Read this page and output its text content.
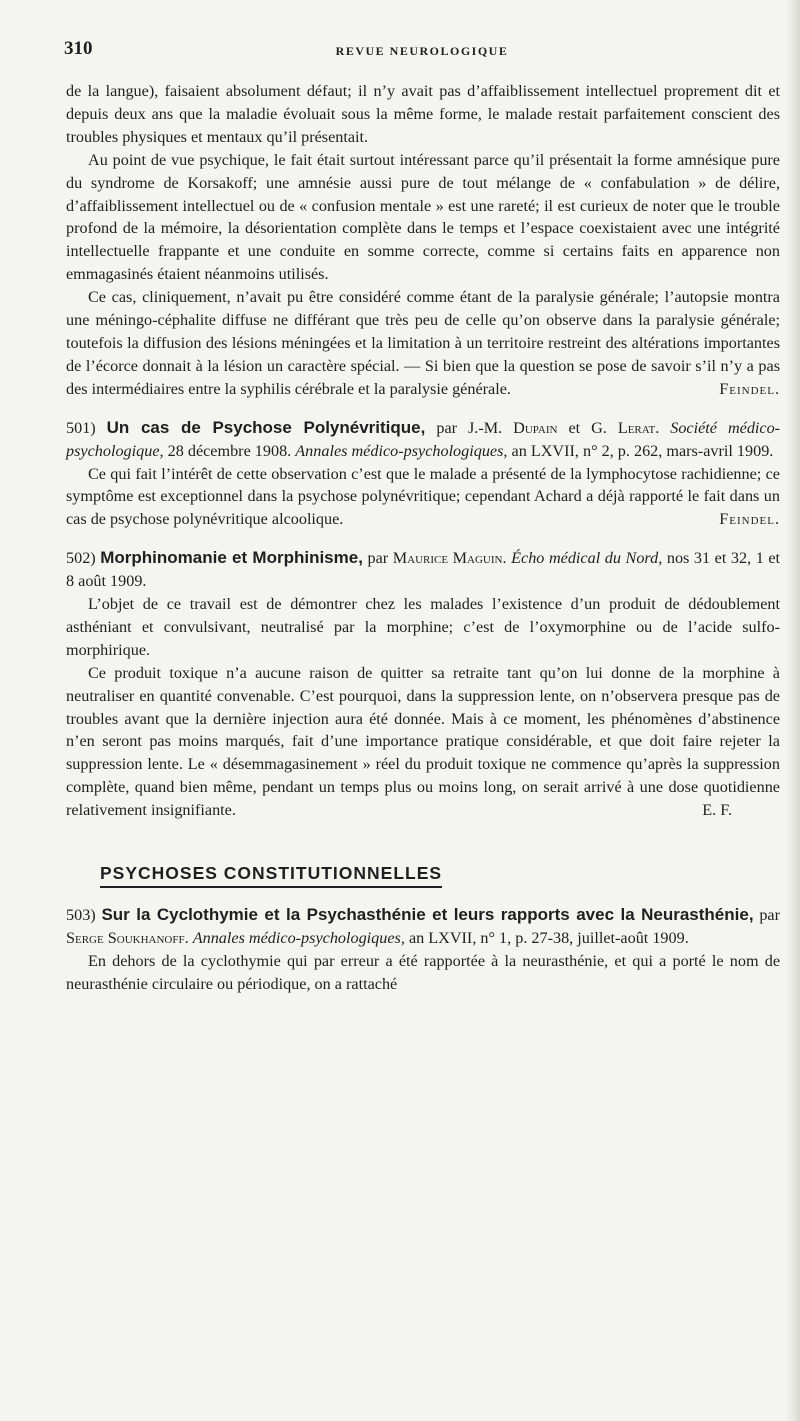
310	REVUE NEUROLOGIQUE

de la langue), faisaient absolument défaut; il n’y avait pas d’affaiblissement intellectuel proprement dit et depuis deux ans que la maladie évoluait sous la même forme, le malade restait parfaitement conscient des troubles physiques et mentaux qu’il présentait.

Au point de vue psychique, le fait était surtout intéressant parce qu’il présentait la forme amnésique pure du syndrome de Korsakoff; une amnésie aussi pure de tout mélange de « confabulation » de délire, d’affaiblissement intellectuel ou de « confusion mentale » est une rareté; il est curieux de noter que le trouble profond de la mémoire, la désorientation complète dans le temps et l’espace coexistaient avec une intégrité intellectuelle frappante et une conduite en somme correcte, comme si certains faits en apparence non emmagasinés étaient néanmoins utilisés.

Ce cas, cliniquement, n’avait pu être considéré comme étant de la paralysie générale; l’autopsie montra une méningo-céphalite diffuse ne différant que très peu de celle qu’on observe dans la paralysie générale; toutefois la diffusion des lésions méningées et la limitation à un territoire restreint des altérations importantes de l’écorce donnait à la lésion un caractère spécial. — Si bien que la question se pose de savoir s’il n’y a pas des intermédiaires entre la syphilis cérébrale et la paralysie générale.	Feindel.

501) Un cas de Psychose Polynévritique, par J.-M. Dupain et G. Lerat. Société médico-psychologique, 28 décembre 1908. Annales médico-psychologiques, an LXVII, n° 2, p. 262, mars-avril 1909.

Ce qui fait l’intérêt de cette observation c’est que le malade a présenté de la lymphocytose rachidienne; ce symptôme est exceptionnel dans la psychose polynévritique; cependant Achard a déjà rapporté le fait dans un cas de psychose polynévritique alcoolique.	Feindel.

502) Morphinomanie et Morphinisme, par Maurice Maguin. Écho médical du Nord, nos 31 et 32, 1 et 8 août 1909.

L’objet de ce travail est de démontrer chez les malades l’existence d’un produit de dédoublement asthéniant et convulsivant, neutralisé par la morphine; c’est de l’oxymorphine ou de l’acide sulfo-morphirique.

Ce produit toxique n’a aucune raison de quitter sa retraite tant qu’on lui donne de la morphine à neutraliser en quantité convenable. C’est pourquoi, dans la suppression lente, on n’observera presque pas de troubles avant que la dernière injection aura été donnée. Mais à ce moment, les phénomènes d’abstinence n’en seront pas moins marqués, fait d’une importance pratique considérable, et que doit faire rejeter la suppression lente. Le « désemmagasinement » réel du produit toxique ne commence qu’après la suppression complète, quand bien même, pendant un temps plus ou moins long, on serait arrivé à une dose quotidienne relativement insignifiante.	E. F.

PSYCHOSES CONSTITUTIONNELLES

503) Sur la Cyclothymie et la Psychasthénie et leurs rapports avec la Neurasthénie, par Serge Soukhanoff. Annales médico-psychologiques, an LXVII, n° 1, p. 27-38, juillet-août 1909.

En dehors de la cyclothymie qui par erreur a été rapportée à la neurasthénie, et qui a porté le nom de neurasthénie circulaire ou périodique, on a rattaché
